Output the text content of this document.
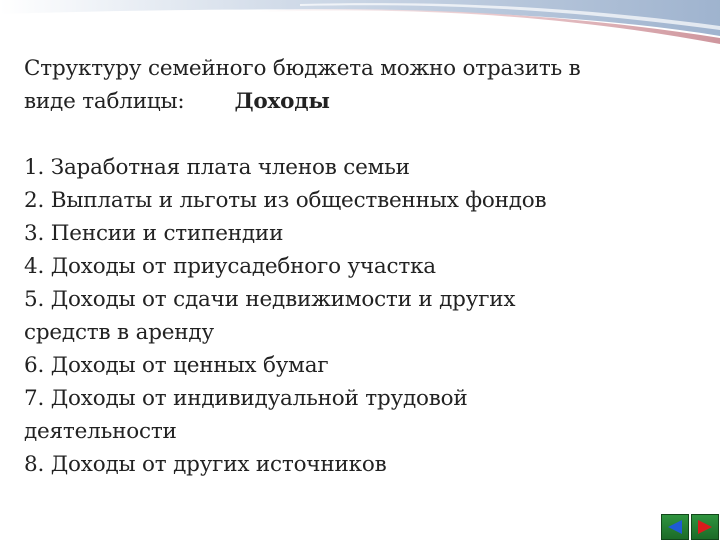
Структуру семейного бюджета можно отразить в
виде таблицы: Доходы
1. Заработная плата членов семьи
2. Выплаты и льготы из общественных фондов
3. Пенсии и стипендии
4. Доходы от приусадебного участка
5. Доходы от сдачи недвижимости и других
средств в аренду
6. Доходы от ценных бумаг
7. Доходы от индивидуальной трудовой
деятельности
8. Доходы от других источников
